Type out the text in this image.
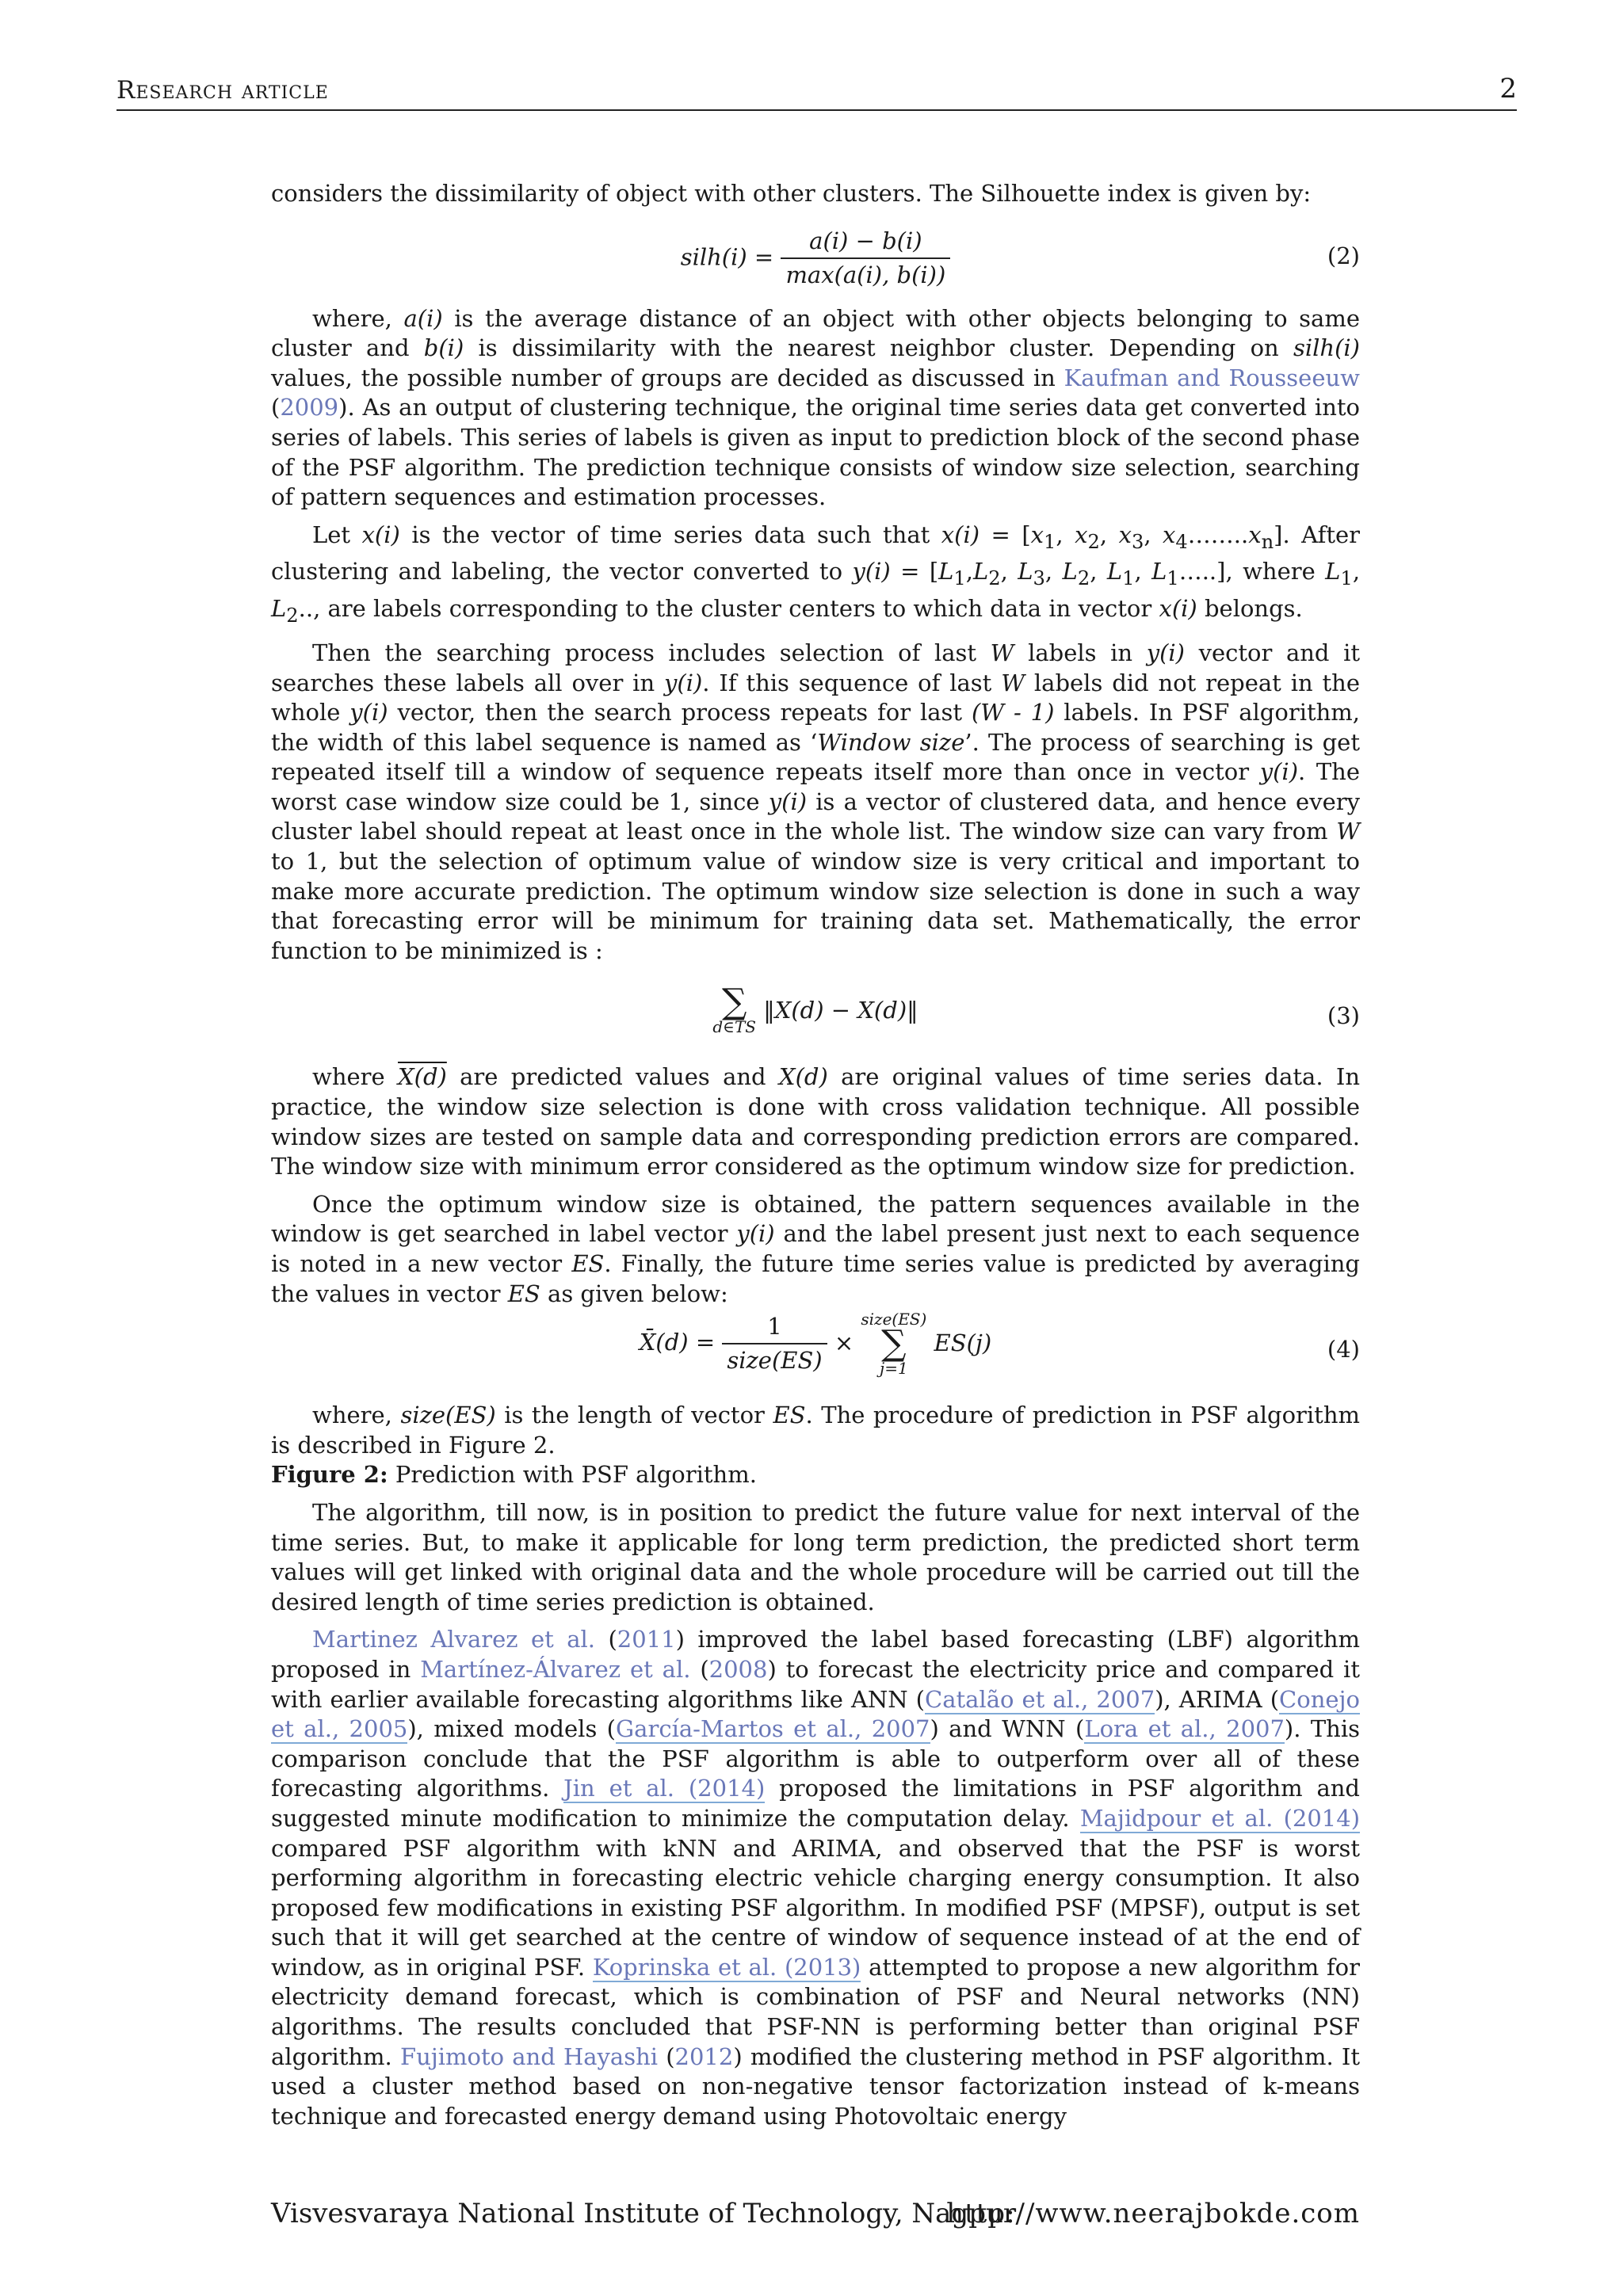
Research article	2

considers the dissimilarity of object with other clusters. The Silhouette index is given by:

silh(i) = $\frac{a(i) - b(i)}{\max(a(i), b(i))}$	(2)

where, a(i) is the average distance of an object with other objects belonging to same cluster and b(i) is dissimilarity with the nearest neighbor cluster. Depending on silh(i) values, the possible number of groups are decided as discussed in Kaufman and Rousseeuw (2009). As an output of clustering technique, the original time series data get converted into series of labels. This series of labels is given as input to prediction block of the second phase of the PSF algorithm. The prediction technique consists of window size selection, searching of pattern sequences and estimation processes.

Let x(i) is the vector of time series data such that $x(i) = [x_1$, $x_2$, $x_3$, $x_4\dots\dots..x_n$]. After clustering and labeling, the vector converted to $y(i) = [L_1,L_2$, $L_3$, $L_2$, $L_1$, $L_1\dots$..], where $L_1$, $L_2$.., are labels corresponding to the cluster centers to which data in vector x(i) belongs.

Then the searching process includes selection of last W labels in y(i) vector and it searches these labels all over in y(i). If this sequence of last W labels did not repeat in the whole y(i) vector, then the search process repeats for last (W - 1) labels. In PSF algorithm, the width of this label sequence is named as ‘Window size’. The process of searching is get repeated itself till a window of sequence repeats itself more than once in vector y(i). The worst case window size could be 1, since y(i) is a vector of clustered data, and hence every cluster label should repeat at least once in the whole list. The window size can vary from W to 1, but the selection of optimum value of window size is very critical and important to make more accurate prediction. The optimum window size selection is done in such a way that forecasting error will be minimum for training data set. Mathematically, the error function to be minimized is :

∑
d∈TS
‖X(d) − X(d)‖	(3)

where X(d) are predicted values and X(d) are original values of time series data. In practice, the window size selection is done with cross validation technique. All possible window sizes are tested on sample data and corresponding prediction errors are compared. The window size with minimum error considered as the optimum window size for prediction.

Once the optimum window size is obtained, the pattern sequences available in the window is get searched in label vector y(i) and the label present just next to each sequence is noted in a new vector ES. Finally, the future time series value is predicted by averaging the values in vector ES as given below:

X̄(d) = $\frac{1}{\text{size(ES)}}$ ×
size(ES)
∑
j=1
ES(j)	(4)

where, size(ES) is the length of vector ES. The procedure of prediction in PSF algorithm is described in Figure 2.

Figure 2: Prediction with PSF algorithm.

The algorithm, till now, is in position to predict the future value for next interval of the time series. But, to make it applicable for long term prediction, the predicted short term values will get linked with original data and the whole procedure will be carried out till the desired length of time series prediction is obtained.

Martinez Alvarez et al. (2011) improved the label based forecasting (LBF) algorithm proposed in Martínez-Álvarez et al. (2008) to forecast the electricity price and compared it with earlier available forecasting algorithms like ANN (Catalão et al., 2007), ARIMA (Conejo et al., 2005), mixed models (García-Martos et al., 2007) and WNN (Lora et al., 2007). This comparison conclude that the PSF algorithm is able to outperform over all of these forecasting algorithms. Jin et al. (2014) proposed the limitations in PSF algorithm and suggested minute modification to minimize the computation delay. Majidpour et al. (2014) compared PSF algorithm with kNN and ARIMA, and observed that the PSF is worst performing algorithm in forecasting electric vehicle charging energy consumption. It also proposed few modifications in existing PSF algorithm. In modified PSF (MPSF), output is set such that it will get searched at the centre of window of sequence instead of at the end of window, as in original PSF. Koprinska et al. (2013) attempted to propose a new algorithm for electricity demand forecast, which is combination of PSF and Neural networks (NN) algorithms. The results concluded that PSF-NN is performing better than original PSF algorithm. Fujimoto and Hayashi (2012) modified the clustering method in PSF algorithm. It used a cluster method based on non-negative tensor factorization instead of k-means technique and forecasted energy demand using Photovoltaic energy

Visvesvaraya National Institute of Technology, Nagpur
http://www.neerajbokde.com
